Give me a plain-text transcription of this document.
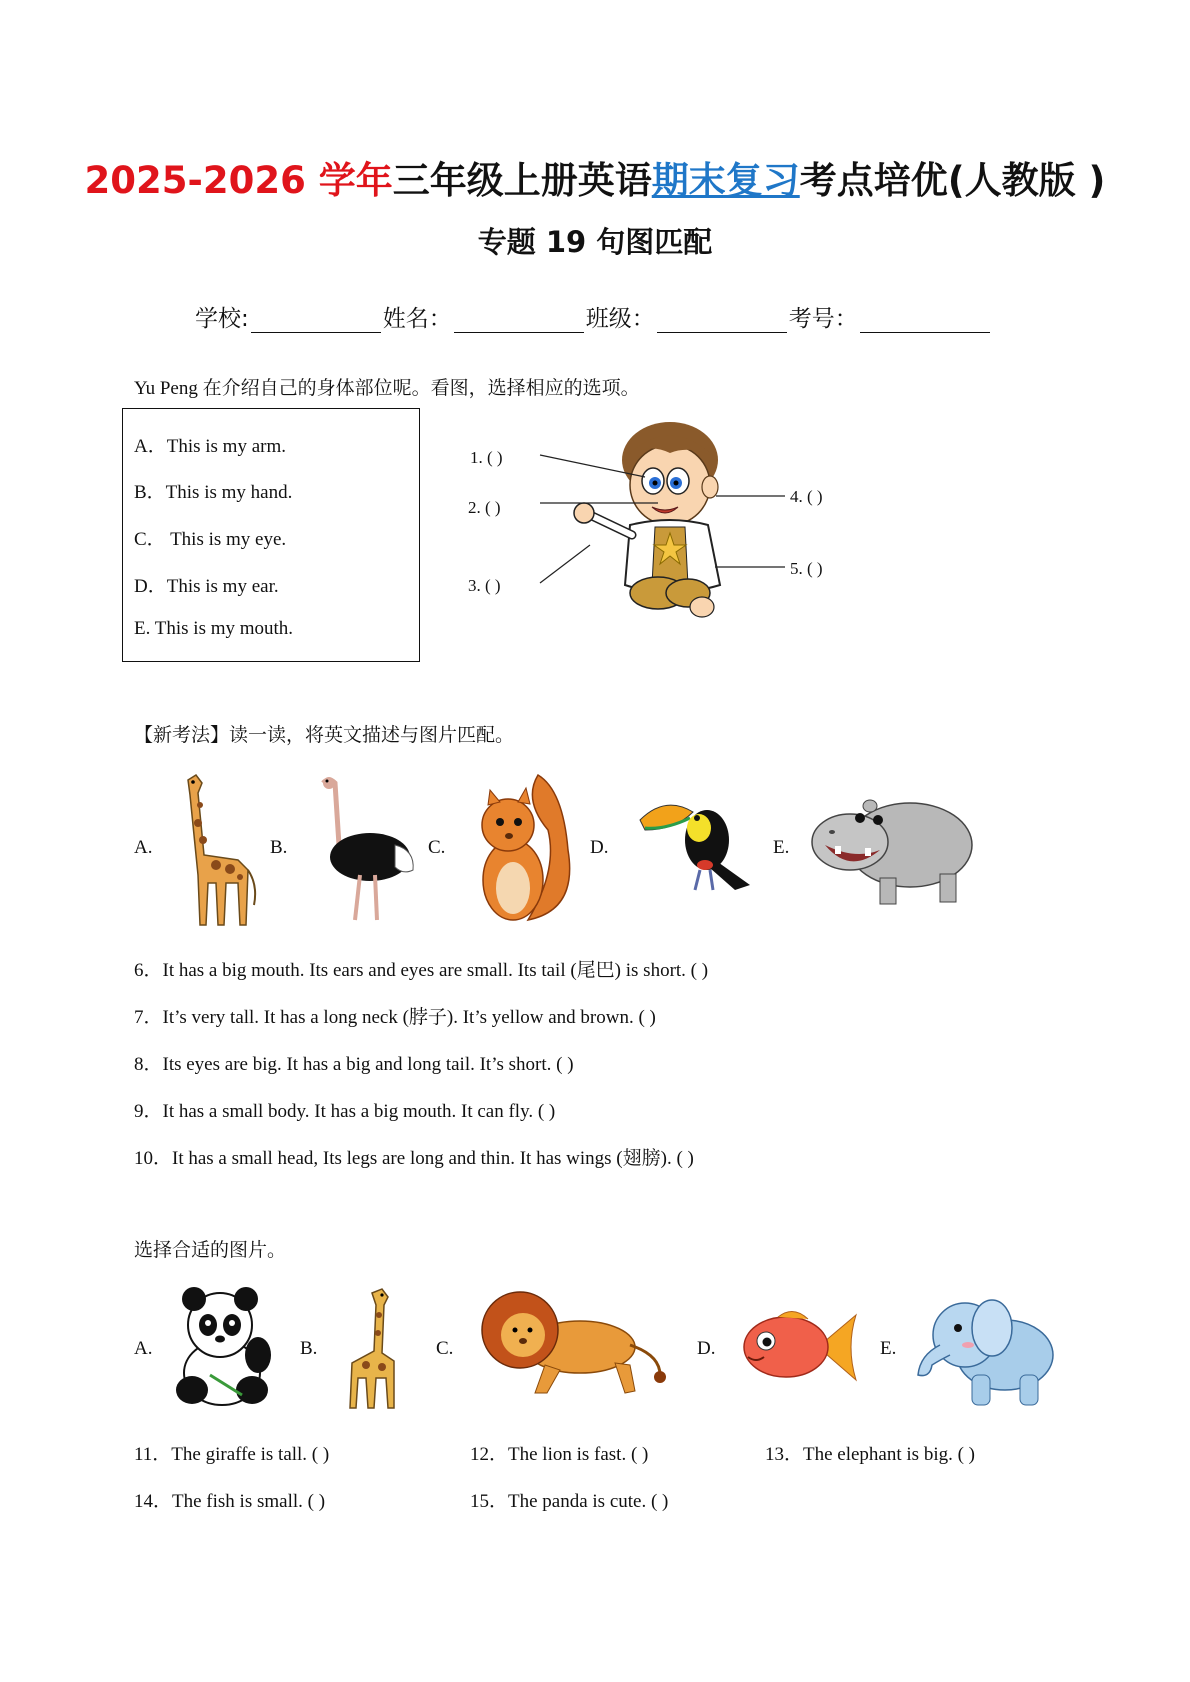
2025-2026 学年三年级上册英语期末复习考点培优(人教版 )
专题 19 句图匹配
学校:	姓名：	班级：	考号：
Yu Peng 在介绍自己的身体部位呢。看图，选择相应的选项。
A．This is my arm.
B．This is my hand.
C． This is my eye.
D．This is my ear.
E. This is my mouth.
1. ( )
2. ( )
3. ( )
4. ( )
5. ( )
【新考法】读一读，将英文描述与图片匹配。
A.	B.	C.	D.	E.
6．It has a big mouth. Its ears and eyes are small. Its tail (尾巴) is short. ( )
7．It’s very tall. It has a long neck (脖子). It’s yellow and brown. ( )
8．Its eyes are big. It has a big and long tail. It’s short. ( )
9．It has a small body. It has a big mouth. It can fly. ( )
10．It has a small head, Its legs are long and thin. It has wings (翅膀). ( )
选择合适的图片。
A.	B.	C.	D.	E.
11．The giraffe is tall. ( )	12．The lion is fast. ( )	13．The elephant is big. ( )
14．The fish is small. ( )	15．The panda is cute. ( )
